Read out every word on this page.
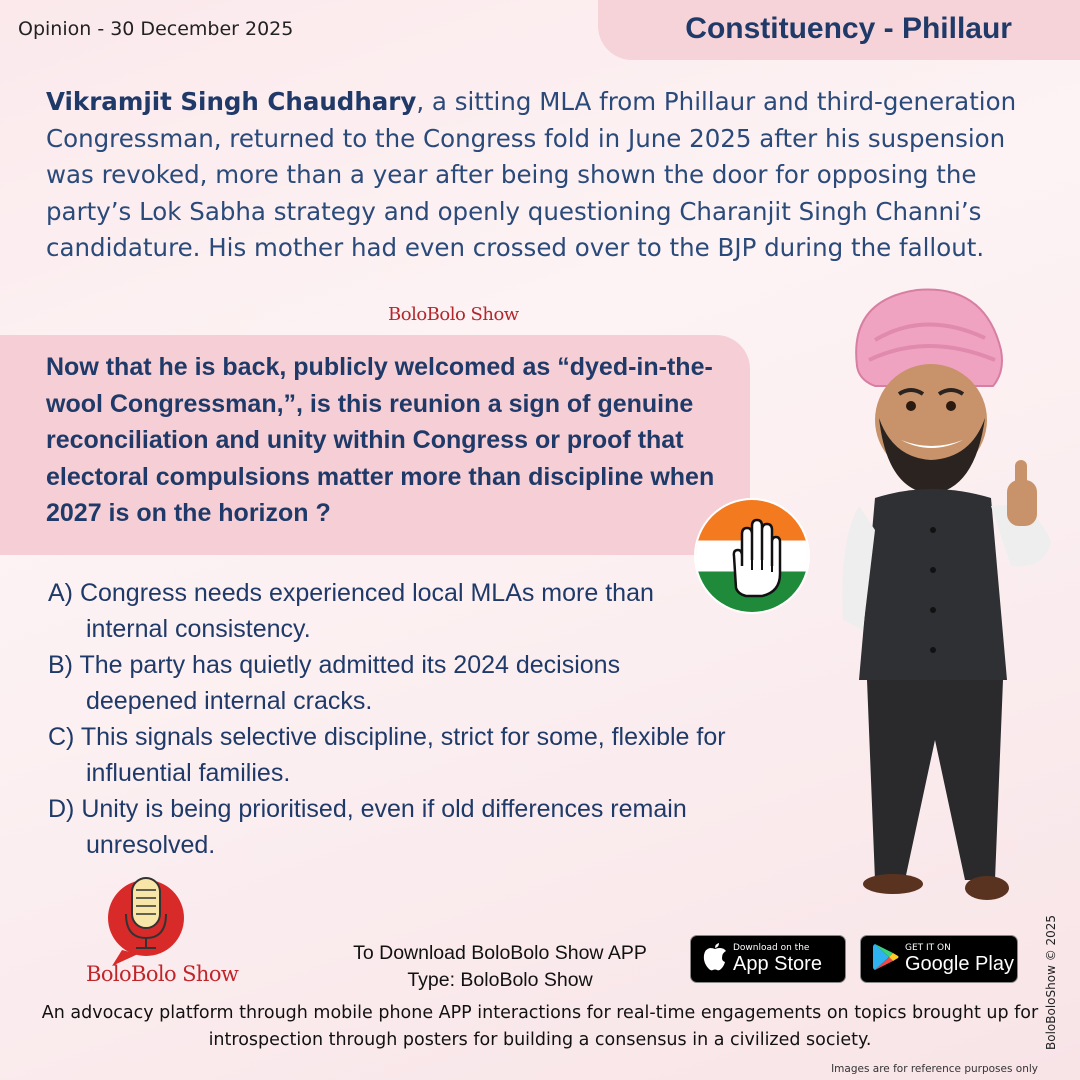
Opinion - 30 December 2025	Constituency - Phillaur
Vikramjit Singh Chaudhary, a sitting MLA from Phillaur and third-generation Congressman, returned to the Congress fold in June 2025 after his suspension was revoked, more than a year after being shown the door for opposing the party’s Lok Sabha strategy and openly questioning Charanjit Singh Channi’s candidature. His mother had even crossed over to the BJP during the fallout.
BoloBolo Show
Now that he is back, publicly welcomed as “dyed-in-the-wool Congressman,”, is this reunion a sign of genuine reconciliation and unity within Congress or proof that electoral compulsions matter more than discipline when 2027 is on the horizon ?
A) Congress needs experienced local MLAs more than internal consistency.
B) The party has quietly admitted its 2024 decisions deepened internal cracks.
C) This signals selective discipline, strict for some, flexible for influential families.
D) Unity is being prioritised, even if old differences remain unresolved.
BoloBolo Show
To Download BoloBolo Show APP
Type: BoloBolo Show
Download on the
App Store
GET IT ON
Google Play
An advocacy platform through mobile phone APP interactions for real-time engagements on topics brought up for introspection through posters for building a consensus in a civilized society.	BoloBoloShow © 2025
Images are for reference purposes only
